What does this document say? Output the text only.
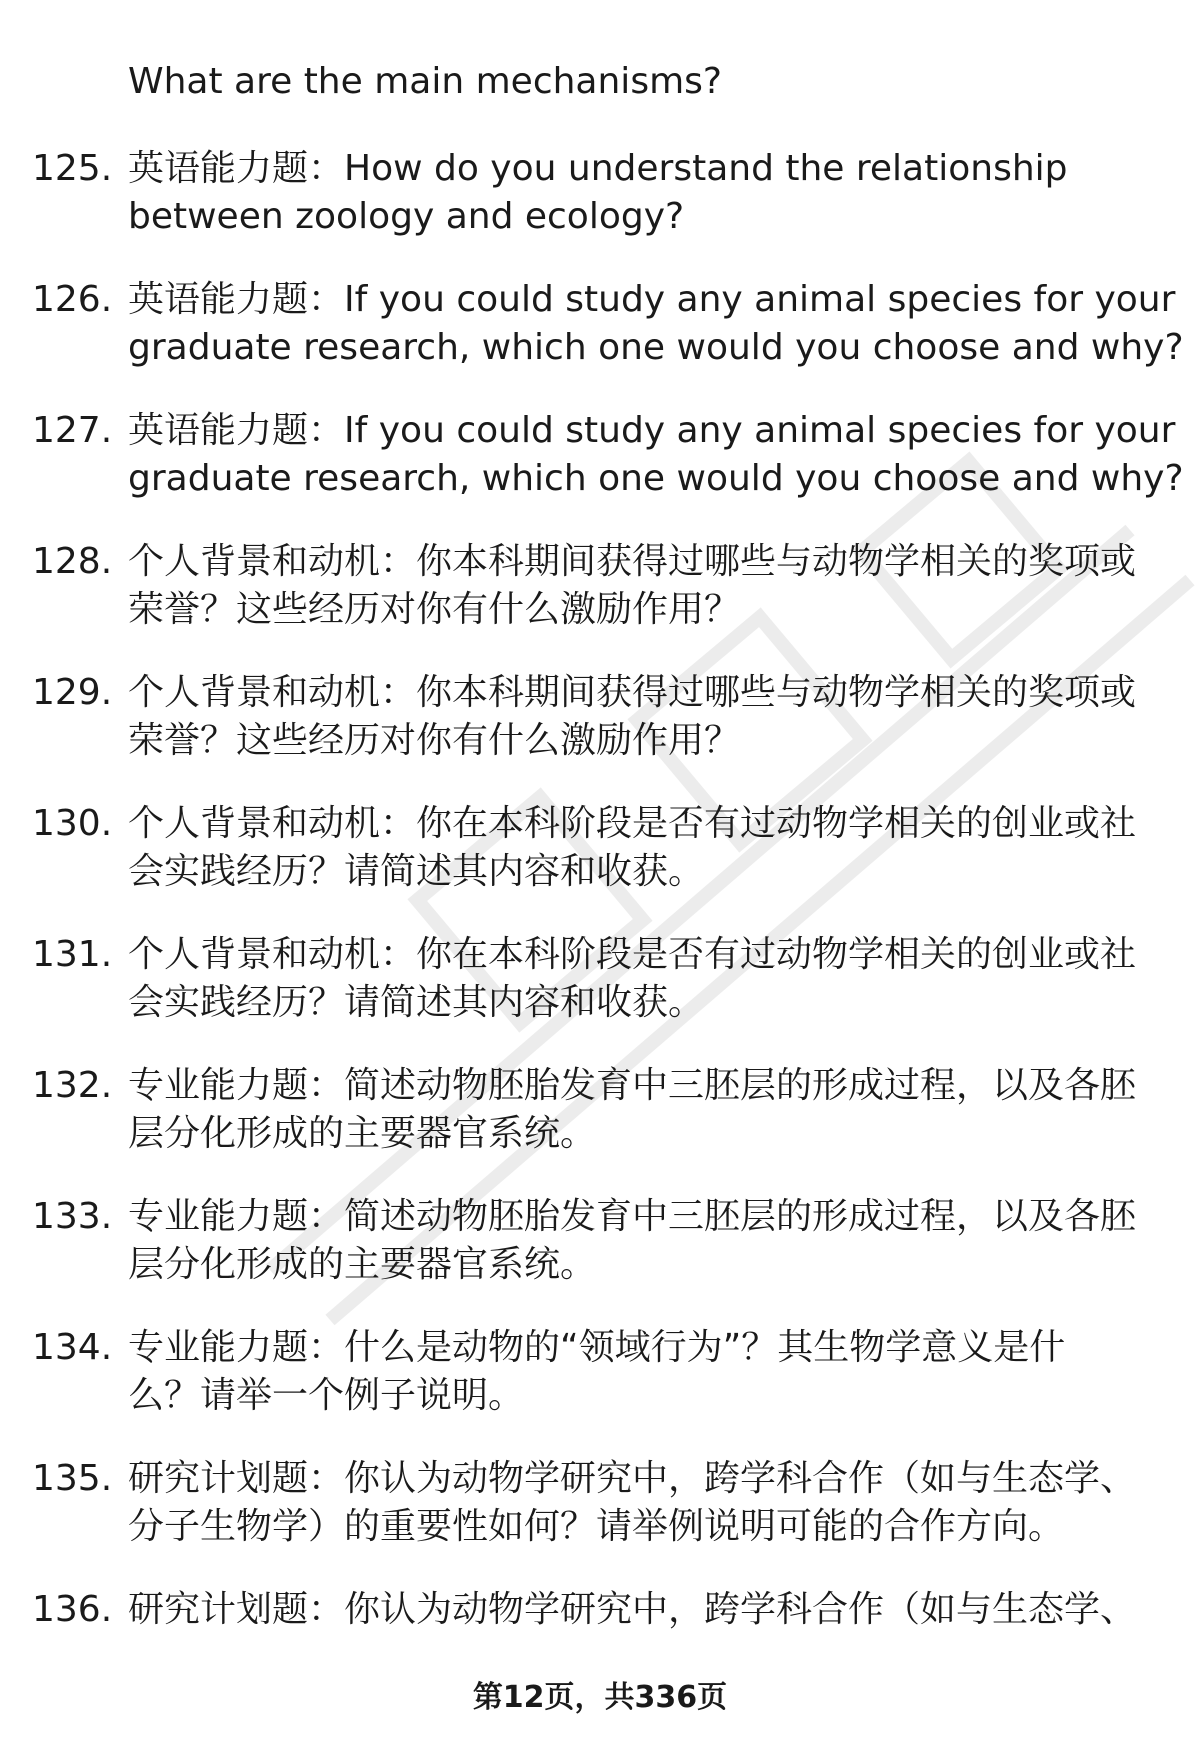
What are the main mechanisms?
125. 英语能力题：How do you understand the relationship
between zoology and ecology?
126. 英语能力题：If you could study any animal species for your
graduate research, which one would you choose and why?
127. 英语能力题：If you could study any animal species for your
graduate research, which one would you choose and why?
128. 个人背景和动机：你本科期间获得过哪些与动物学相关的奖项或
荣誉？这些经历对你有什么激励作用？
129. 个人背景和动机：你本科期间获得过哪些与动物学相关的奖项或
荣誉？这些经历对你有什么激励作用？
130. 个人背景和动机：你在本科阶段是否有过动物学相关的创业或社
会实践经历？请简述其内容和收获。
131. 个人背景和动机：你在本科阶段是否有过动物学相关的创业或社
会实践经历？请简述其内容和收获。
132. 专业能力题：简述动物胚胎发育中三胚层的形成过程，以及各胚
层分化形成的主要器官系统。
133. 专业能力题：简述动物胚胎发育中三胚层的形成过程，以及各胚
层分化形成的主要器官系统。
134. 专业能力题：什么是动物的“领域行为”？其生物学意义是什
么？请举一个例子说明。
135. 研究计划题：你认为动物学研究中，跨学科合作（如与生态学、
分子生物学）的重要性如何？请举例说明可能的合作方向。
136. 研究计划题：你认为动物学研究中，跨学科合作（如与生态学、
第12页，共336页
